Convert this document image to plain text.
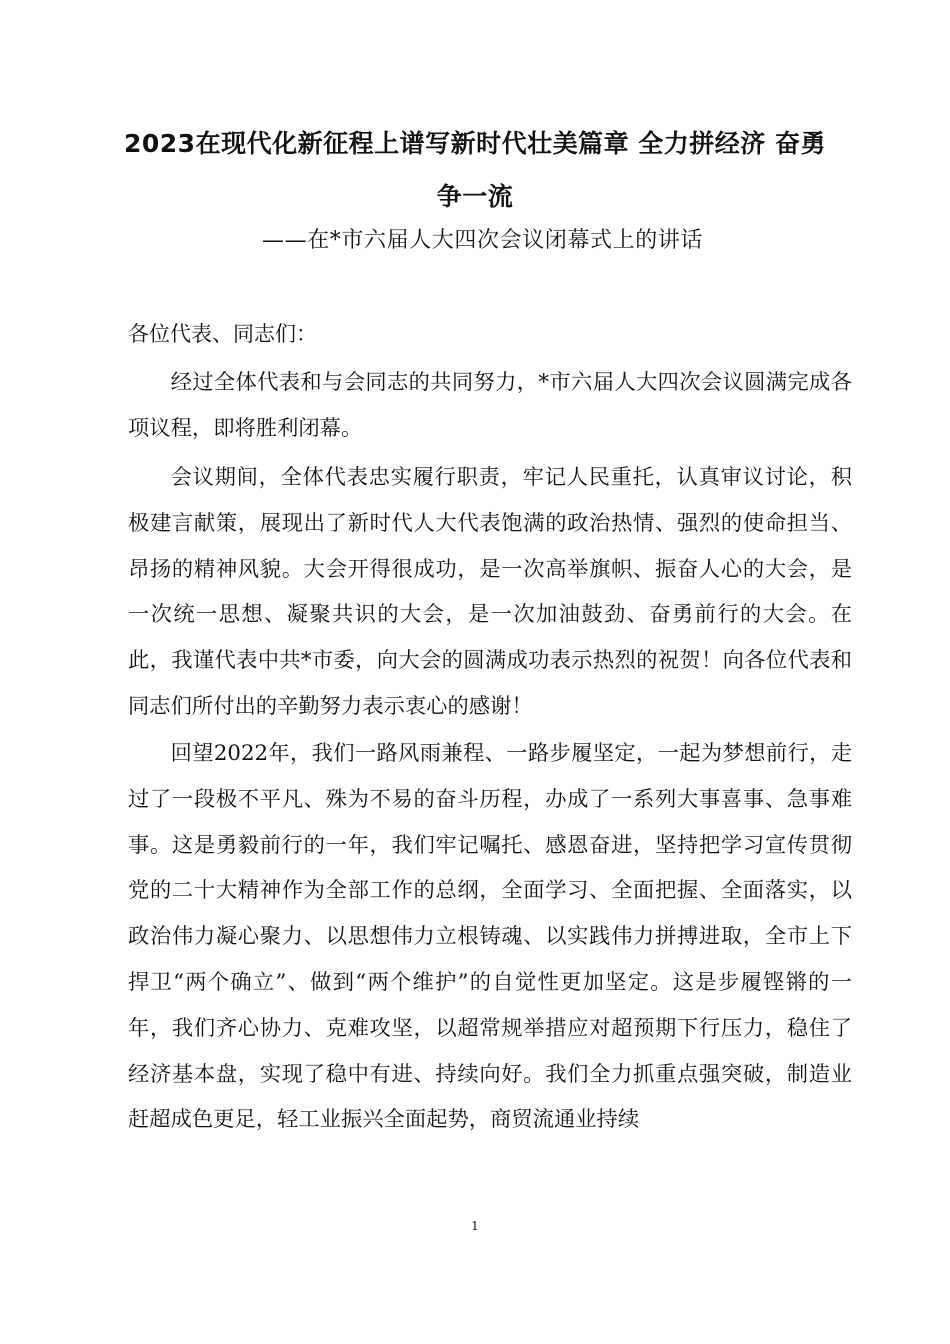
2023在现代化新征程上谱写新时代壮美篇章 全力拼经济 奋勇
争一流
——在*市六届人大四次会议闭幕式上的讲话
各位代表、同志们：

经过全体代表和与会同志的共同努力，*市六届人大四次会议圆满完成各项议程，即将胜利闭幕。

会议期间，全体代表忠实履行职责，牢记人民重托，认真审议讨论，积极建言献策，展现出了新时代人大代表饱满的政治热情、强烈的使命担当、昂扬的精神风貌。大会开得很成功，是一次高举旗帜、振奋人心的大会，是一次统一思想、凝聚共识的大会，是一次加油鼓劲、奋勇前行的大会。在此，我谨代表中共*市委，向大会的圆满成功表示热烈的祝贺！向各位代表和同志们所付出的辛勤努力表示衷心的感谢！

回望2022年，我们一路风雨兼程、一路步履坚定，一起为梦想前行，走过了一段极不平凡、殊为不易的奋斗历程，办成了一系列大事喜事、急事难事。这是勇毅前行的一年，我们牢记嘱托、感恩奋进，坚持把学习宣传贯彻党的二十大精神作为全部工作的总纲，全面学习、全面把握、全面落实，以政治伟力凝心聚力、以思想伟力立根铸魂、以实践伟力拼搏进取，全市上下捍卫“两个确立”、做到“两个维护”的自觉性更加坚定。这是步履铿锵的一年，我们齐心协力、克难攻坚，以超常规举措应对超预期下行压力，稳住了经济基本盘，实现了稳中有进、持续向好。我们全力抓重点强突破，制造业赶超成色更足，轻工业振兴全面起势，商贸流通业持续

1
